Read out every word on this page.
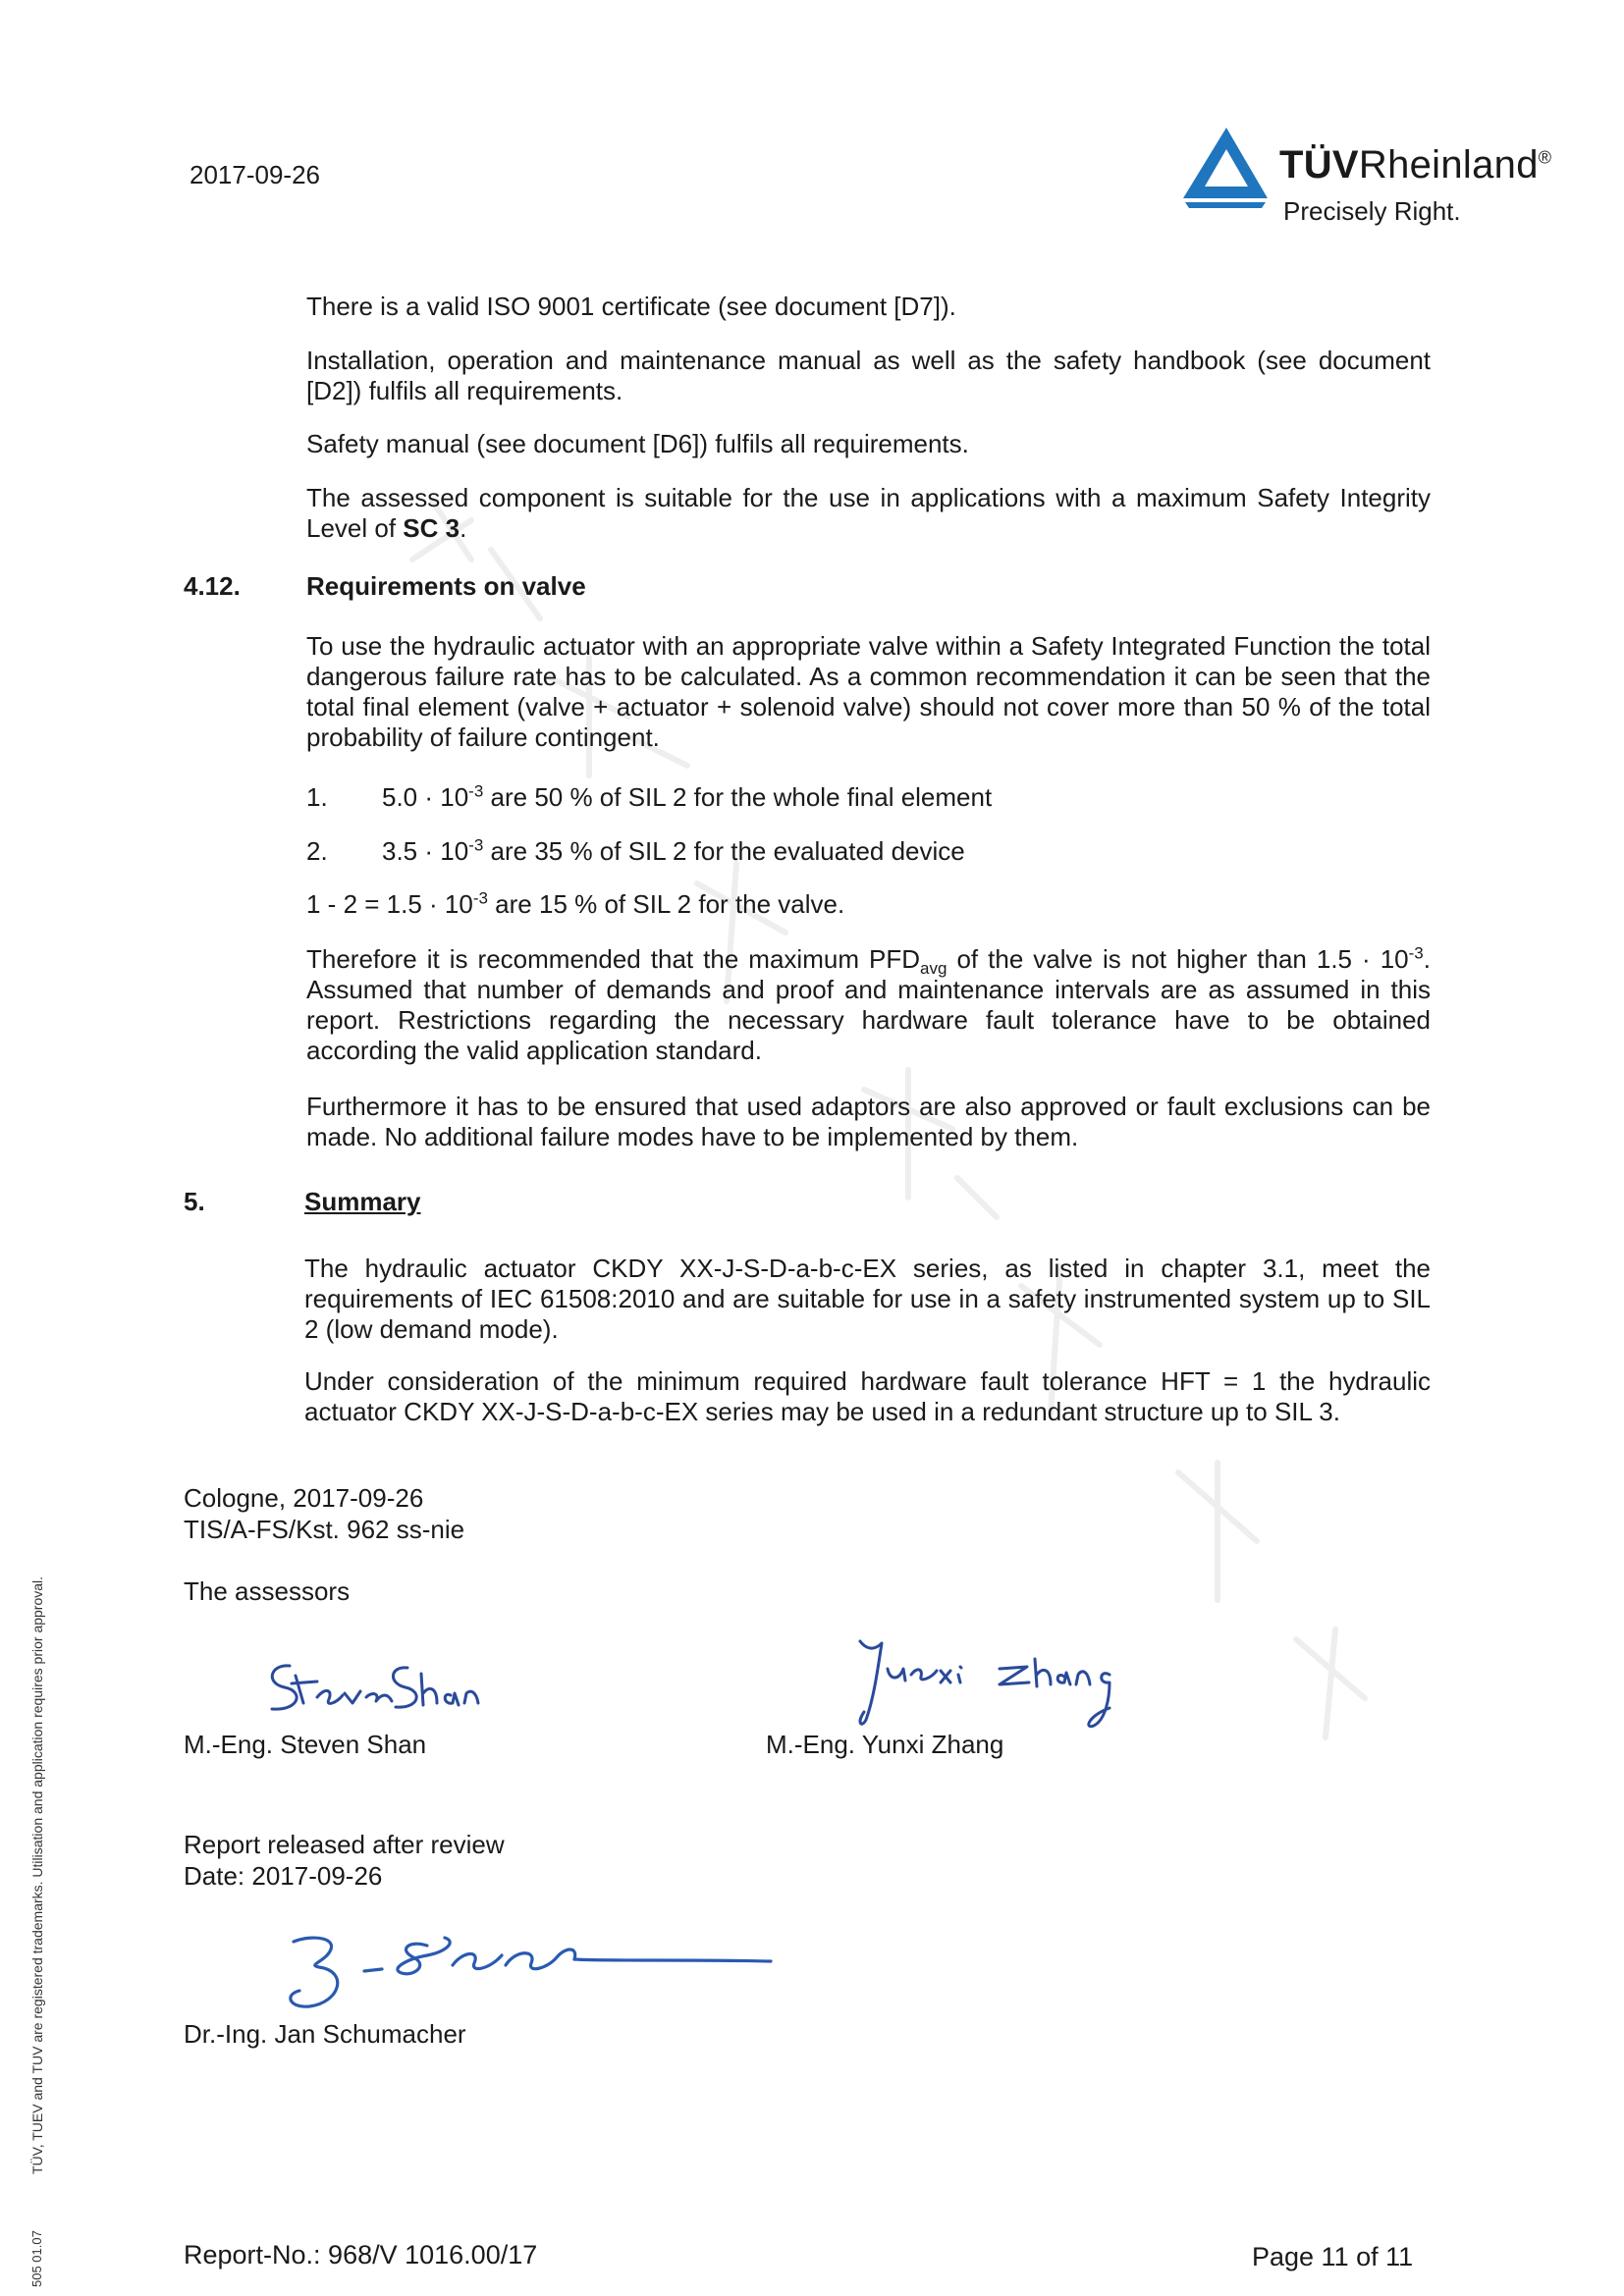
2017-09-26	TÜVRheinland®
Precisely Right.
There is a valid ISO 9001 certificate (see document [D7]).
Installation, operation and maintenance manual as well as the safety handbook (see document [D2]) fulfils all requirements.
Safety manual (see document [D6]) fulfils all requirements.
The assessed component is suitable for the use in applications with a maximum Safety Integrity Level of SC 3.
4.12.	Requirements on valve
To use the hydraulic actuator with an appropriate valve within a Safety Integrated Function the total dangerous failure rate has to be calculated. As a common recommendation it can be seen that the total final element (valve + actuator + solenoid valve) should not cover more than 50 % of the total probability of failure contingent.
1. $5.0 \cdot 10^{-3}$ are 50 % of SIL 2 for the whole final element
2. $3.5 \cdot 10^{-3}$ are 35 % of SIL 2 for the evaluated device
$1 - 2 = 1.5 \cdot 10^{-3}$ are 15 % of SIL 2 for the valve.
Therefore it is recommended that the maximum $PFD_{avg}$ of the valve is not higher than $1.5 \cdot 10^{-3}$. Assumed that number of demands and proof and maintenance intervals are as assumed in this report. Restrictions regarding the necessary hardware fault tolerance have to be obtained according the valid application standard.
Furthermore it has to be ensured that used adaptors are also approved or fault exclusions can be made. No additional failure modes have to be implemented by them.
5.	Summary
The hydraulic actuator CKDY XX-J-S-D-a-b-c-EX series, as listed in chapter 3.1, meet the requirements of IEC 61508:2010 and are suitable for use in a safety instrumented system up to SIL 2 (low demand mode).
Under consideration of the minimum required hardware fault tolerance HFT = 1 the hydraulic actuator CKDY XX-J-S-D-a-b-c-EX series may be used in a redundant structure up to SIL 3.
Cologne, 2017-09-26
TIS/A-FS/Kst. 962 ss-nie
The assessors
M.-Eng. Steven Shan	M.-Eng. Yunxi Zhang
Report released after review
Date: 2017-09-26
Dr.-Ing. Jan Schumacher
TÜV, TUEV and TUV are registered trademarks. Utilisation and application requires prior approval.
505 01.07	Report-No.: 968/V 1016.00/17	Page 11 of 11
